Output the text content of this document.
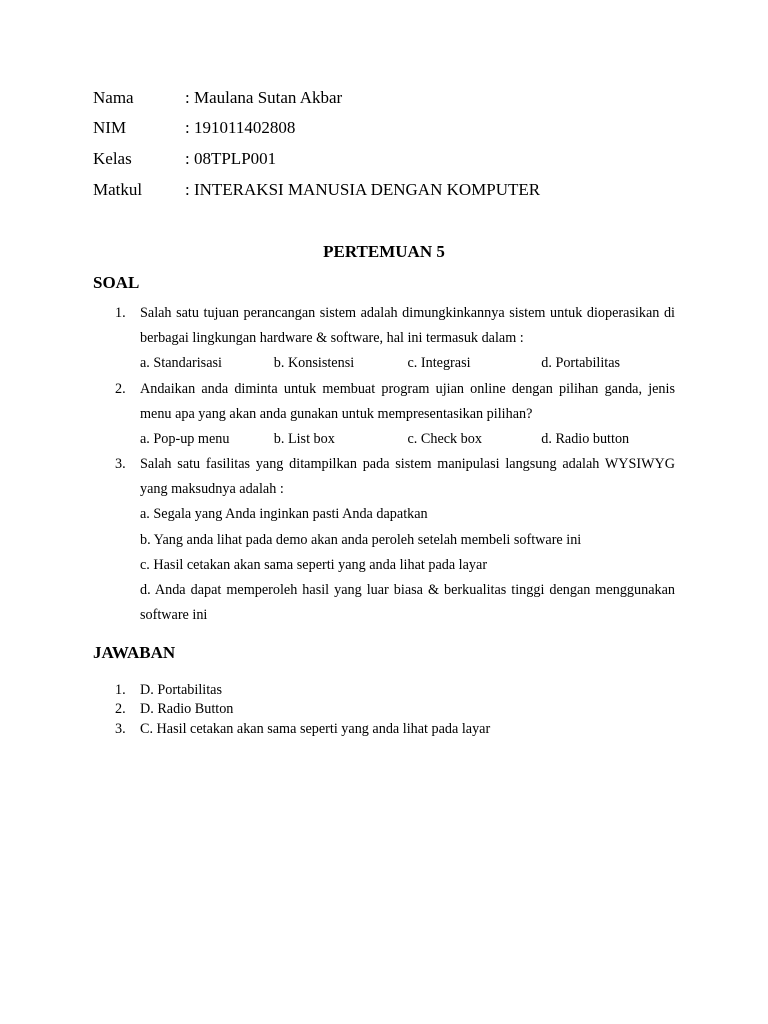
Nama	: Maulana Sutan Akbar
NIM	: 191011402808
Kelas	: 08TPLP001
Matkul	: INTERAKSI MANUSIA DENGAN KOMPUTER
PERTEMUAN 5
SOAL
1.	Salah satu tujuan perancangan sistem adalah dimungkinkannya sistem untuk dioperasikan di berbagai lingkungan hardware & software, hal ini termasuk dalam :
a. Standarisasi	b. Konsistensi	c. Integrasi	d. Portabilitas
2.	Andaikan anda diminta untuk membuat program ujian online dengan pilihan ganda, jenis menu apa yang akan anda gunakan untuk mempresentasikan pilihan?
a. Pop-up menu	b. List box	c. Check box	d. Radio button
3.	Salah satu fasilitas yang ditampilkan pada sistem manipulasi langsung adalah WYSIWYG yang maksudnya adalah :
a. Segala yang Anda inginkan pasti Anda dapatkan
b. Yang anda lihat pada demo akan anda peroleh setelah membeli software ini
c. Hasil cetakan akan sama seperti yang anda lihat pada layar
d. Anda dapat memperoleh hasil yang luar biasa & berkualitas tinggi dengan menggunakan software ini
JAWABAN
1. D. Portabilitas
2. D. Radio Button
3. C. Hasil cetakan akan sama seperti yang anda lihat pada layar
